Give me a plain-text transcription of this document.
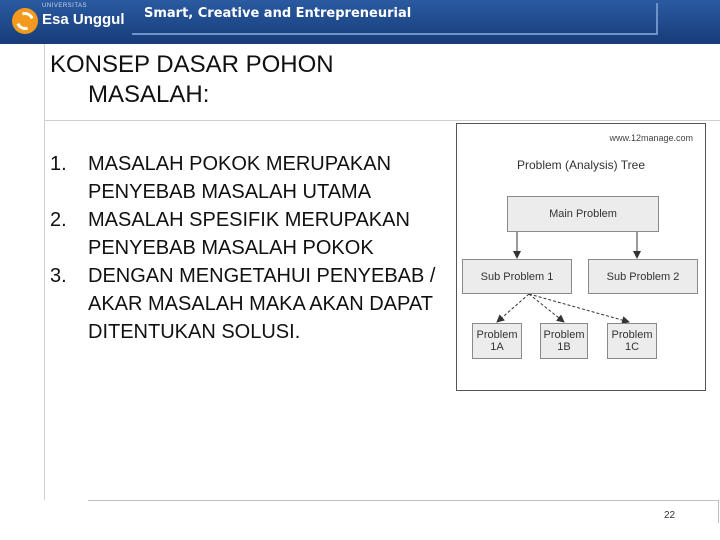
UNIVERSITAS
Esa Unggul Smart, Creative and Entrepreneurial
KONSEP DASAR POHON
MASALAH:
1.	MASALAH POKOK MERUPAKAN PENYEBAB MASALAH UTAMA
2.	MASALAH SPESIFIK MERUPAKAN PENYEBAB MASALAH POKOK
3.	DENGAN MENGETAHUI PENYEBAB / AKAR MASALAH MAKA AKAN DAPAT DITENTUKAN SOLUSI.
www.12manage.com
Problem (Analysis) Tree
Main Problem
Sub Problem 1	Sub Problem 2
Problem 1A
Problem 1B
Problem 1C
22
